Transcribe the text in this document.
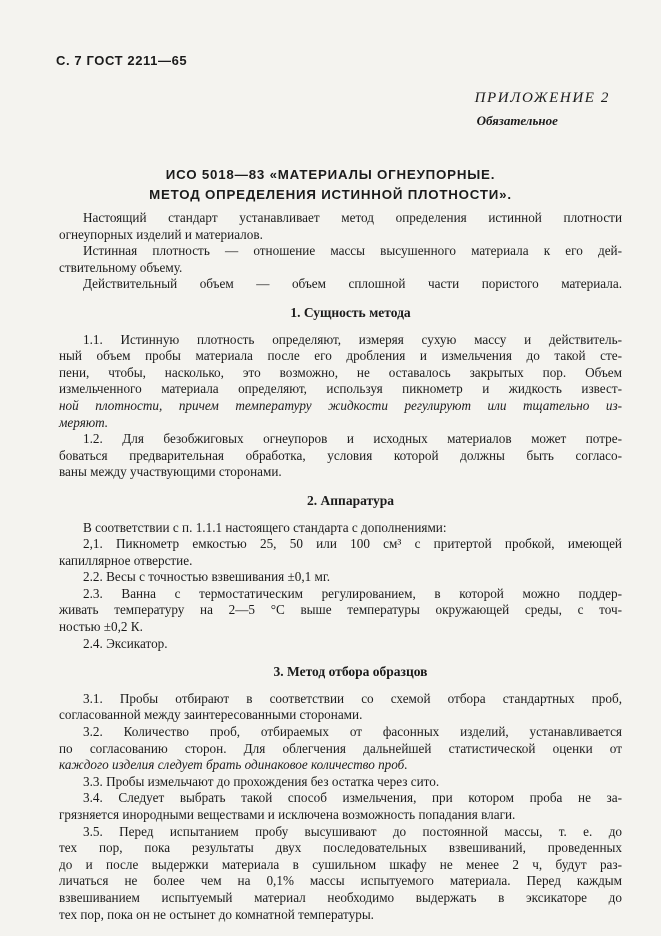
С. 7 ГОСТ 2211—65
ПРИЛОЖЕНИЕ 2
Обязательное
ИСО 5018—83 «МАТЕРИАЛЫ ОГНЕУПОРНЫЕ.
МЕТОД ОПРЕДЕЛЕНИЯ ИСТИННОЙ ПЛОТНОСТИ».
Настоящий стандарт устанавливает метод определения истинной плотности
огнеупорных изделий и материалов.
Истинная плотность — отношение массы высушенного материала к его дей-
ствительному объему.
Действительный объем — объем сплошной части пористого материала.
1. Сущность метода
1.1. Истинную плотность определяют, измеряя сухую массу и действитель-
ный объем пробы материала после его дробления и измельчения до такой сте-
пени, чтобы, насколько, это возможно, не оставалось закрытых пор. Объем
измельченного материала определяют, используя пикнометр и жидкость извест-
ной плотности, причем температуру жидкости регулируют или тщательно из-
меряют.
1.2. Для безобжиговых огнеупоров и исходных материалов может потре-
боваться предварительная обработка, условия которой должны быть согласо-
ваны между участвующими сторонами.
2. Аппаратура
В соответствии с п. 1.1.1 настоящего стандарта с дополнениями:
2,1. Пикнометр емкостью 25, 50 или 100 см³ с притертой пробкой, имеющей
капиллярное отверстие.
2.2. Весы с точностью взвешивания ±0,1 мг.
2.3. Ванна с термостатическим регулированием, в которой можно поддер-
живать температуру на 2—5 °С выше температуры окружающей среды, с точ-
ностью ±0,2 К.
2.4. Эксикатор.
3. Метод отбора образцов
3.1. Пробы отбирают в соответствии со схемой отбора стандартных проб,
согласованной между заинтересованными сторонами.
3.2. Количество проб, отбираемых от фасонных изделий, устанавливается
по согласованию сторон. Для облегчения дальнейшей статистической оценки от
каждого изделия следует брать одинаковое количество проб.
3.3. Пробы измельчают до прохождения без остатка через сито.
3.4. Следует выбрать такой способ измельчения, при котором проба не за-
грязняется инородными веществами и исключена возможность попадания влаги.
3.5. Перед испытанием пробу высушивают до постоянной массы, т. е. до
тех пор, пока результаты двух последовательных взвешиваний, проведенных
до и после выдержки материала в сушильном шкафу не менее 2 ч, будут раз-
личаться не более чем на 0,1% массы испытуемого материала. Перед каждым
взвешиванием испытуемый материал необходимо выдержать в эксикаторе до
тех пор, пока он не остынет до комнатной температуры.
